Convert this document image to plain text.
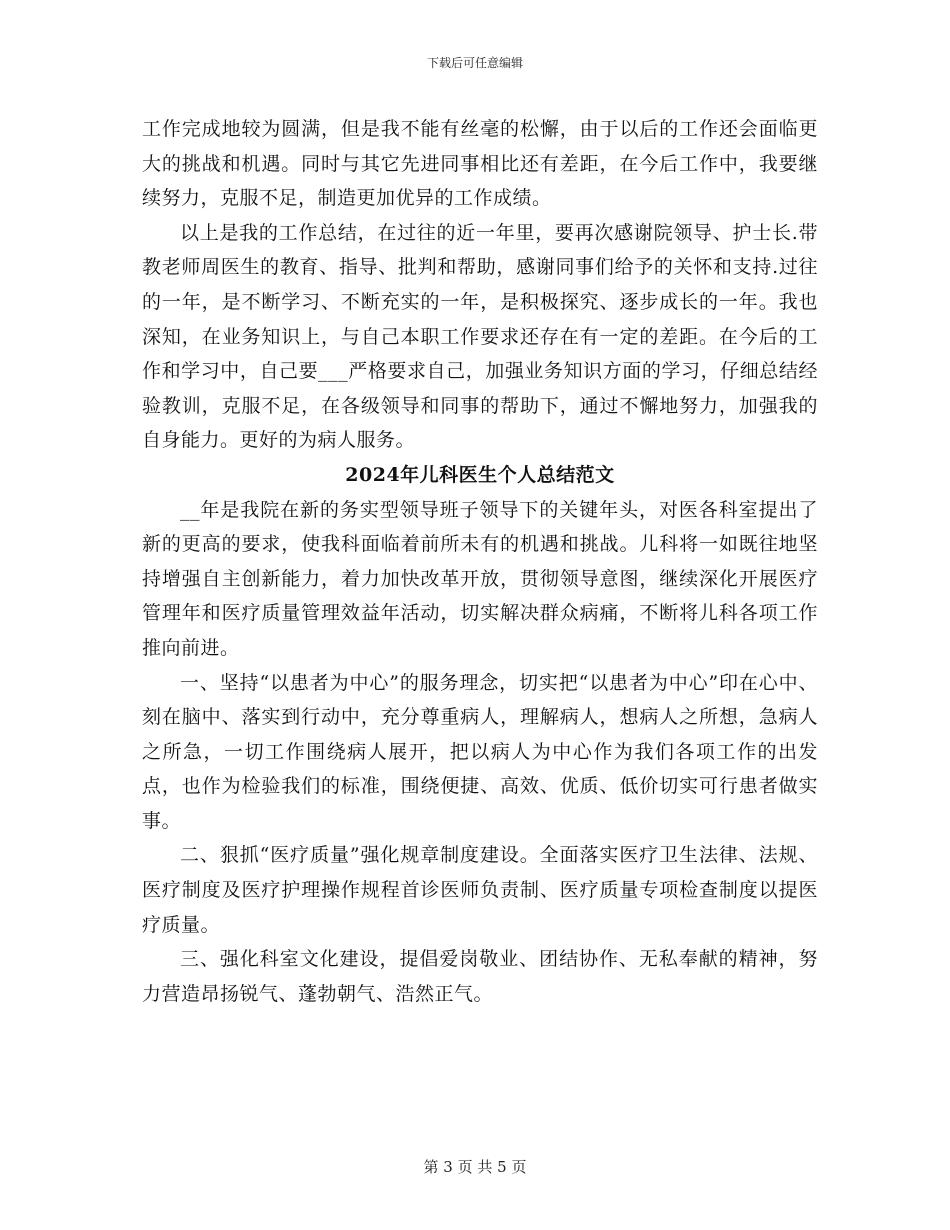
下载后可任意编辑

工作完成地较为圆满，但是我不能有丝毫的松懈，由于以后的工作还会面临更大的挑战和机遇。同时与其它先进同事相比还有差距，在今后工作中，我要继续努力，克服不足，制造更加优异的工作成绩。

以上是我的工作总结，在过往的近一年里，要再次感谢院领导、护士长.带教老师周医生的教育、指导、批判和帮助，感谢同事们给予的关怀和支持.过往的一年，是不断学习、不断充实的一年，是积极探究、逐步成长的一年。我也深知，在业务知识上，与自己本职工作要求还存在有一定的差距。在今后的工作和学习中，自己要___严格要求自己，加强业务知识方面的学习，仔细总结经验教训，克服不足，在各级领导和同事的帮助下，通过不懈地努力，加强我的自身能力。更好的为病人服务。

2024年儿科医生个人总结范文

__年是我院在新的务实型领导班子领导下的关键年头，对医各科室提出了新的更高的要求，使我科面临着前所未有的机遇和挑战。儿科将一如既往地坚持增强自主创新能力，着力加快改革开放，贯彻领导意图，继续深化开展医疗管理年和医疗质量管理效益年活动，切实解决群众病痛，不断将儿科各项工作推向前进。

一、坚持“以患者为中心”的服务理念，切实把“以患者为中心”印在心中、刻在脑中、落实到行动中，充分尊重病人，理解病人，想病人之所想，急病人之所急，一切工作围绕病人展开，把以病人为中心作为我们各项工作的出发点，也作为检验我们的标准，围绕便捷、高效、优质、低价切实可行患者做实事。

二、狠抓“医疗质量”强化规章制度建设。全面落实医疗卫生法律、法规、医疗制度及医疗护理操作规程首诊医师负责制、医疗质量专项检查制度以提医疗质量。

三、强化科室文化建设，提倡爱岗敬业、团结协作、无私奉献的精神，努力营造昂扬锐气、蓬勃朝气、浩然正气。

第 3 页 共 5 页
